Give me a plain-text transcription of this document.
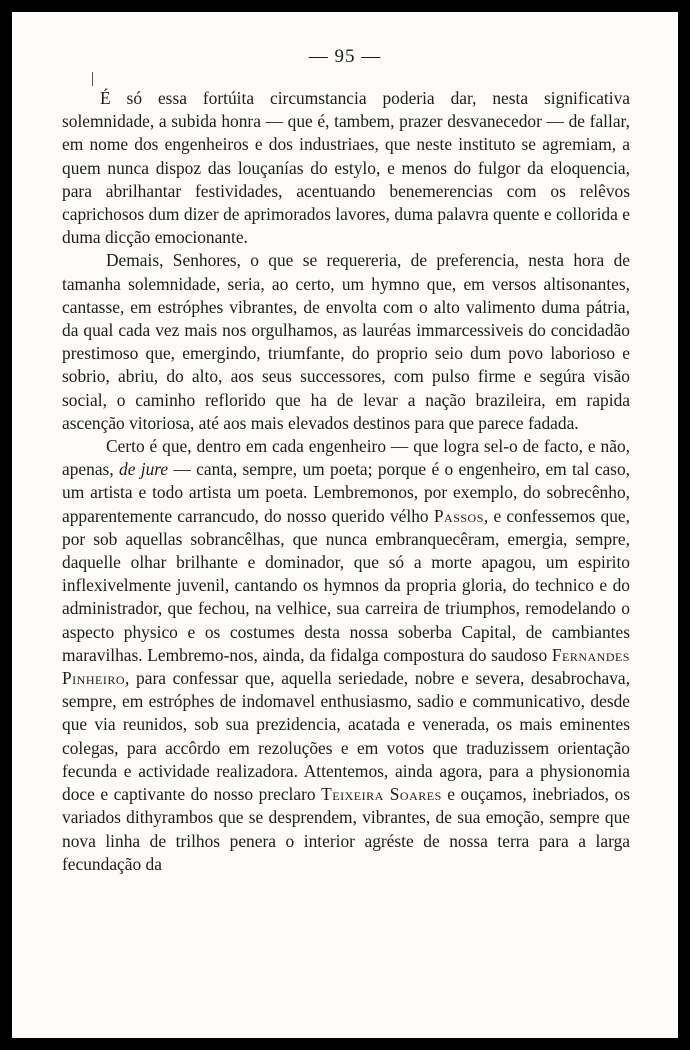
— 95 —

É só essa fortúita circumstancia poderia dar, nesta significativa solemnidade, a subida honra — que é, tambem, prazer desvanecedor — de fallar, em nome dos engenheiros e dos industriaes, que neste instituto se agremiam, a quem nunca dispoz das louçanías do estylo, e menos do fulgor da eloquencia, para abrilhantar festividades, acentuando benemerencias com os relêvos caprichosos dum dizer de aprimorados lavores, duma palavra quente e collorida e duma dicção emocionante.

Demais, Senhores, o que se requereria, de preferencia, nesta hora de tamanha solemnidade, seria, ao certo, um hymno que, em versos altisonantes, cantasse, em estróphes vibrantes, de envolta com o alto valimento duma pátria, da qual cada vez mais nos orgulhamos, as lauréas immarcessiveis do concidadão prestimoso que, emergindo, triumfante, do proprio seio dum povo laborioso e sobrio, abriu, do alto, aos seus successores, com pulso firme e segúra visão social, o caminho reflorido que ha de levar a nação brazileira, em rapida ascenção vitoriosa, até aos mais elevados destinos para que parece fadada.

Certo é que, dentro em cada engenheiro — que logra sel-o de facto, e não, apenas, de jure — canta, sempre, um poeta; porque é o engenheiro, em tal caso, um artista e todo artista um poeta. Lembremonos, por exemplo, do sobrecênho, apparentemente carrancudo, do nosso querido vélho Passos, e confessemos que, por sob aquellas sobrancêlhas, que nunca embranquecêram, emergia, sempre, daquelle olhar brilhante e dominador, que só a morte apagou, um espirito inflexivelmente juvenil, cantando os hymnos da propria gloria, do technico e do administrador, que fechou, na velhice, sua carreira de triumphos, remodelando o aspecto physico e os costumes desta nossa soberba Capital, de cambiantes maravilhas. Lembremo-nos, ainda, da fidalga compostura do saudoso Fernandes Pinheiro, para confessar que, aquella seriedade, nobre e severa, desabrochava, sempre, em estróphes de indomavel enthusiasmo, sadio e communicativo, desde que via reunidos, sob sua prezidencia, acatada e venerada, os mais eminentes colegas, para accôrdo em rezoluções e em votos que traduzissem orientação fecunda e actividade realizadora. Attentemos, ainda agora, para a physionomia doce e captivante do nosso preclaro Teixeira Soares e ouçamos, inebriados, os variados dithyrambos que se desprendem, vibrantes, de sua emoção, sempre que nova linha de trilhos penera o interior agréste de nossa terra para a larga fecundação da
